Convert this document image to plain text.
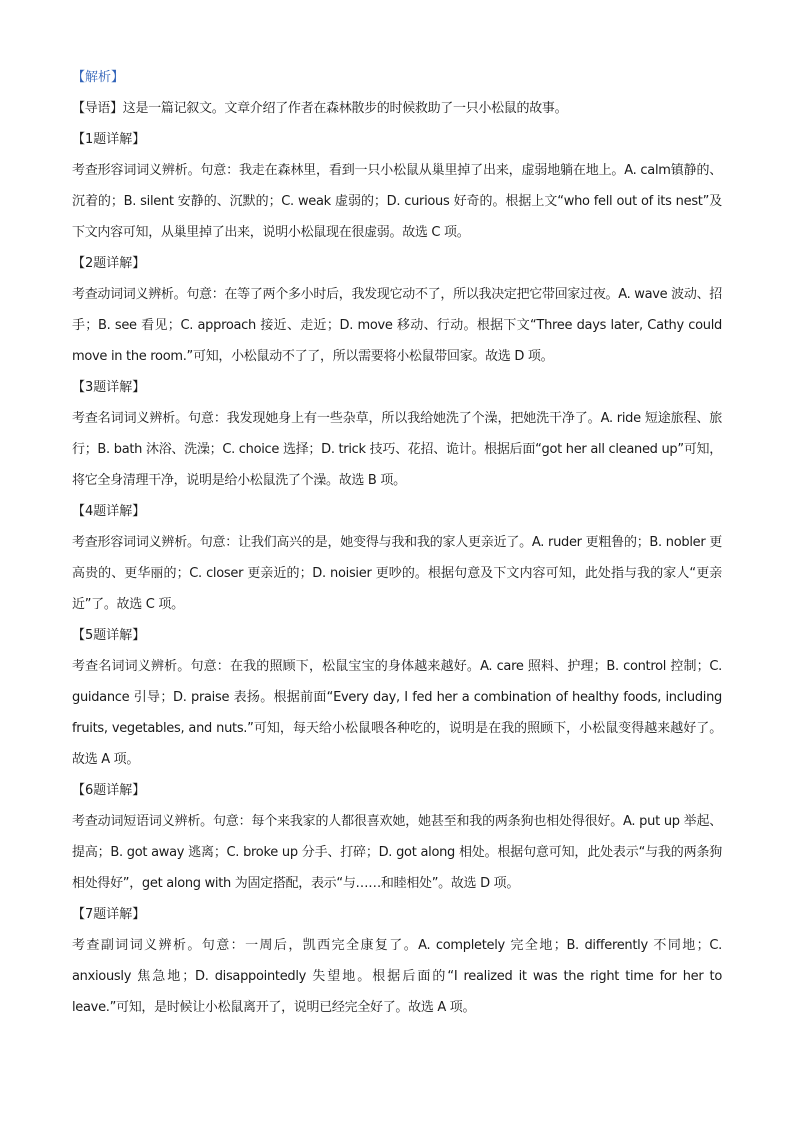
【解析】
【导语】这是一篇记叙文。文章介绍了作者在森林散步的时候救助了一只小松鼠的故事。
【1题详解】
考查形容词词义辨析。句意：我走在森林里，看到一只小松鼠从巢里掉了出来，虚弱地躺在地上。A. calm镇静的、沉着的；B. silent 安静的、沉默的；C. weak 虚弱的；D. curious 好奇的。根据上文“who fell out of its nest”及下文内容可知，从巢里掉了出来，说明小松鼠现在很虚弱。故选 C 项。
【2题详解】
考查动词词义辨析。句意：在等了两个多小时后，我发现它动不了，所以我决定把它带回家过夜。A. wave 波动、招手；B. see 看见；C. approach 接近、走近；D. move 移动、行动。根据下文“Three days later, Cathy could move in the room.”可知，小松鼠动不了了，所以需要将小松鼠带回家。故选 D 项。
【3题详解】
考查名词词义辨析。句意：我发现她身上有一些杂草，所以我给她洗了个澡，把她洗干净了。A. ride 短途旅程、旅行；B. bath 沐浴、洗澡；C. choice 选择；D. trick 技巧、花招、诡计。根据后面“got her all cleaned up”可知，将它全身清理干净，说明是给小松鼠洗了个澡。故选 B 项。
【4题详解】
考查形容词词义辨析。句意：让我们高兴的是，她变得与我和我的家人更亲近了。A. ruder 更粗鲁的；B. nobler 更高贵的、更华丽的；C. closer 更亲近的；D. noisier 更吵的。根据句意及下文内容可知，此处指与我的家人“更亲近”了。故选 C 项。
【5题详解】
考查名词词义辨析。句意：在我的照顾下，松鼠宝宝的身体越来越好。A. care 照料、护理；B. control 控制；C. guidance 引导；D. praise 表扬。根据前面“Every day, I fed her a combination of healthy foods, including fruits, vegetables, and nuts.”可知，每天给小松鼠喂各种吃的，说明是在我的照顾下，小松鼠变得越来越好了。故选 A 项。
【6题详解】
考查动词短语词义辨析。句意：每个来我家的人都很喜欢她，她甚至和我的两条狗也相处得很好。A. put up 举起、提高；B. got away 逃离；C. broke up 分手、打碎；D. got along 相处。根据句意可知，此处表示“与我的两条狗相处得好”，get along with 为固定搭配，表示“与……和睦相处”。故选 D 项。
【7题详解】
考查副词词义辨析。句意：一周后，凯西完全康复了。A. completely 完全地；B. differently 不同地；C. anxiously 焦急地；D. disappointedly 失望地。根据后面的“I realized it was the right time for her to leave.”可知，是时候让小松鼠离开了，说明已经完全好了。故选 A 项。
